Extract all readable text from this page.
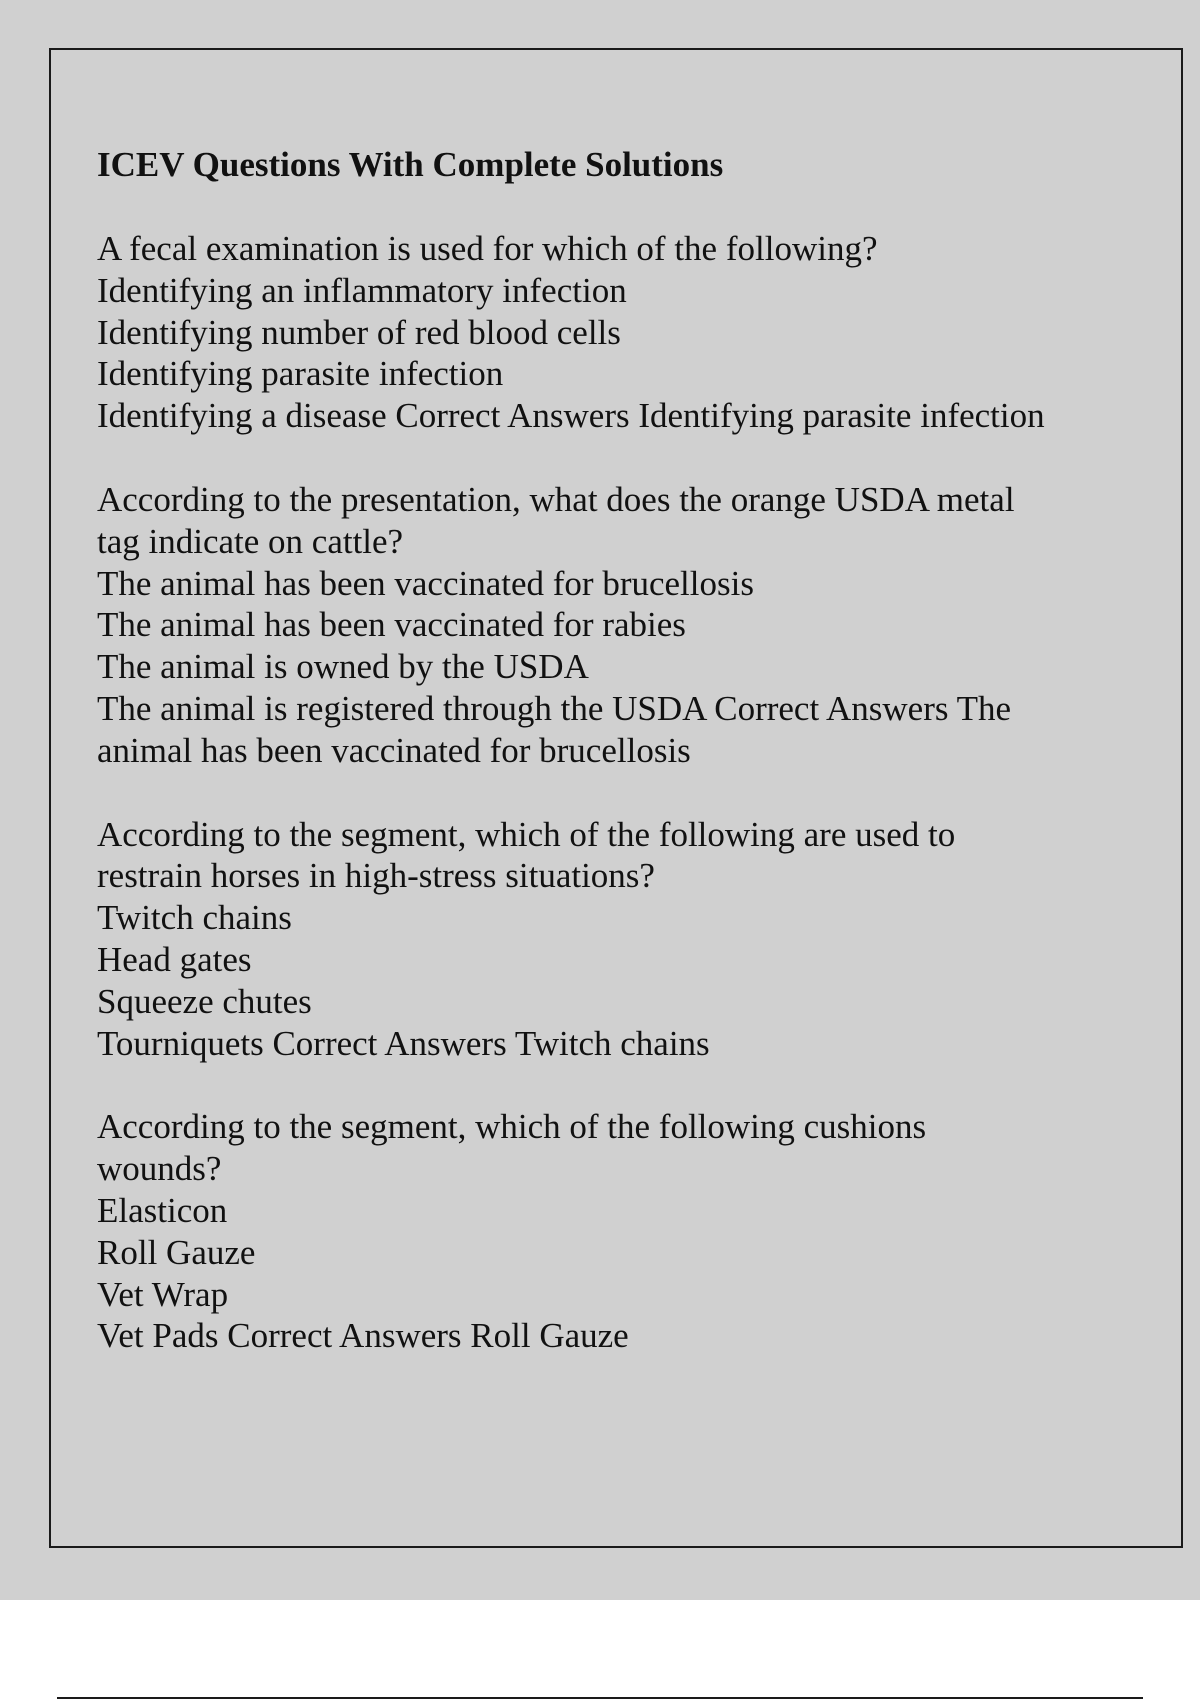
ICEV Questions With Complete Solutions
A fecal examination is used for which of the following?
Identifying an inflammatory infection
Identifying number of red blood cells
Identifying parasite infection
Identifying a disease Correct Answers Identifying parasite infection
According to the presentation, what does the orange USDA metal tag indicate on cattle?
The animal has been vaccinated for brucellosis
The animal has been vaccinated for rabies
The animal is owned by the USDA
The animal is registered through the USDA Correct Answers The animal has been vaccinated for brucellosis
According to the segment, which of the following are used to restrain horses in high-stress situations?
Twitch chains
Head gates
Squeeze chutes
Tourniquets Correct Answers Twitch chains
According to the segment, which of the following cushions wounds?
Elasticon
Roll Gauze
Vet Wrap
Vet Pads Correct Answers Roll Gauze
